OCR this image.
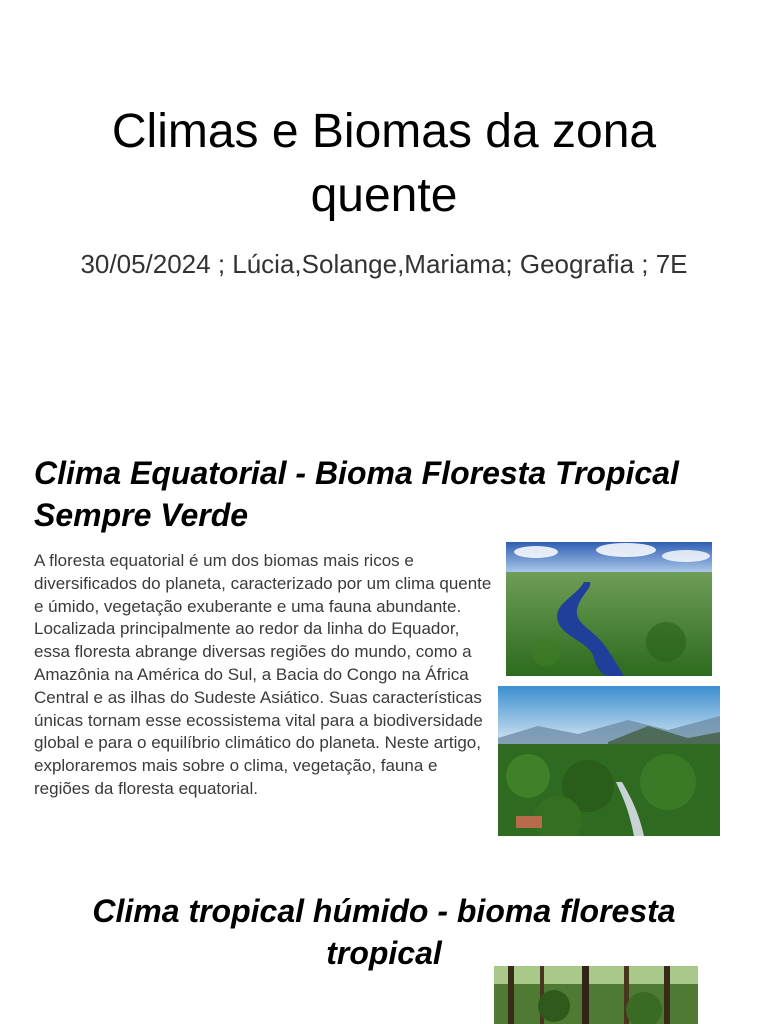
Climas e Biomas da zona quente

30/05/2024 ; Lúcia,Solange,Mariama; Geografia ; 7E

Clima Equatorial - Bioma Floresta Tropical Sempre Verde

A floresta equatorial é um dos biomas mais ricos e diversificados do planeta, caracterizado por um clima quente e úmido, vegetação exuberante e uma fauna abundante. Localizada principalmente ao redor da linha do Equador, essa floresta abrange diversas regiões do mundo, como a Amazônia na América do Sul, a Bacia do Congo na África Central e as ilhas do Sudeste Asiático. Suas características únicas tornam esse ecossistema vital para a biodiversidade global e para o equilíbrio climático do planeta. Neste artigo, exploraremos mais sobre o clima, vegetação, fauna e regiões da floresta equatorial.

Clima tropical húmido - bioma floresta tropical
